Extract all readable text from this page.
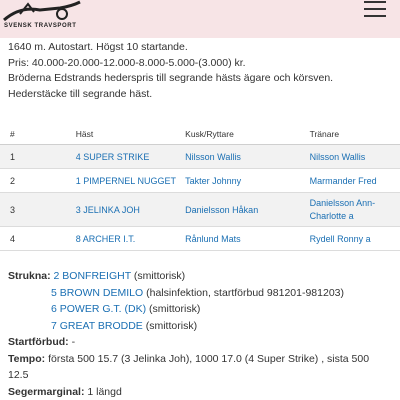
SVENSK TRAVSPORT

1640 m. Autostart. Högst 10 startande.

Pris: 40.000-20.000-12.000-8.000-5.000-(3.000) kr.

Bröderna Edstrands hederspris till segrande hästs ägare och körsven.

Hederstäcke till segrande häst.

#	Häst	Kusk/Ryttare	Tränare
1	4 SUPER STRIKE	Nilsson Wallis	Nilsson Wallis
2	1 PIMPERNEL NUGGET	Takter Johnny	Marmander Fred
3	3 JELINKA JOH	Danielsson Håkan	Danielsson Ann-
Charlotte a

4	8 ARCHER I.T.	Rånlund Mats	Rydell Ronny a
Strukna: 2 BONFREIGHT (smittorisk)
5 BROWN DEMILO (halsinfektion, startförbud 981201-981203)
6 POWER G.T. (DK) (smittorisk)
7 GREAT BRODDE (smittorisk)
Startförbud: -
Tempo: första 500 15.7 (3 Jelinka Joh), 1000 17.0 (4 Super Strike) , sista 500
12.5
Segermarginal: 1 längd
